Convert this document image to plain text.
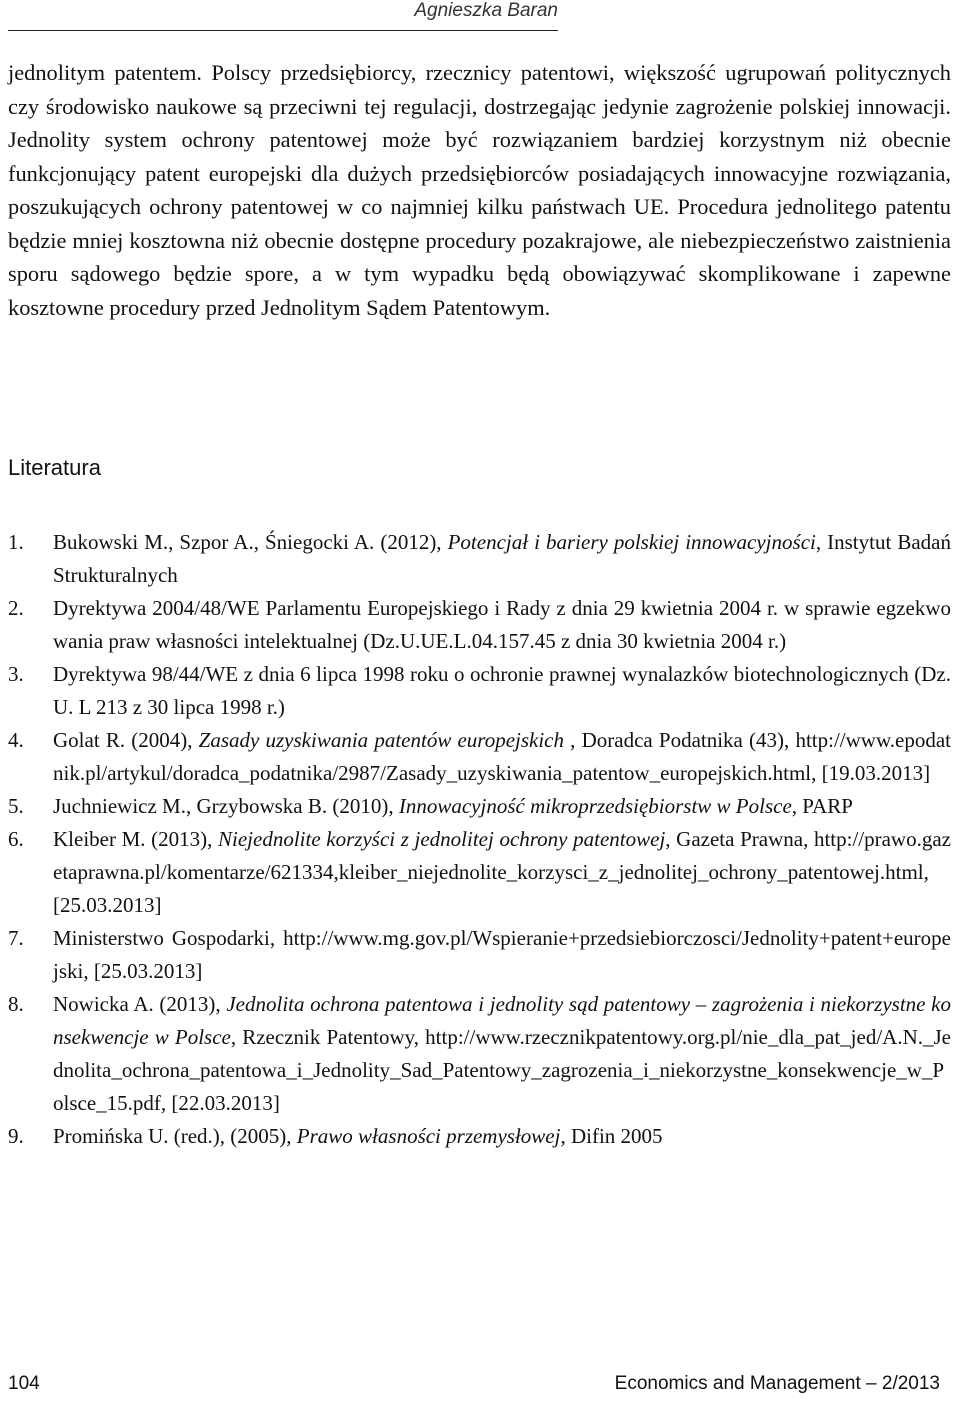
Agnieszka Baran

jednolitym patentem. Polscy przedsiębiorcy, rzecznicy patentowi, większość ugrupowań politycznych czy środowisko naukowe są przeciwni tej regulacji, dostrzegając jedynie zagrożenie polskiej innowacji. Jednolity system ochrony patentowej może być rozwiązaniem bardziej korzystnym niż obecnie funkcjonujący patent europejski dla dużych przedsiębiorców posiadających innowacyjne rozwiązania, poszukujących ochrony patentowej w co najmniej kilku państwach UE. Procedura jednolitego patentu będzie mniej kosztowna niż obecnie dostępne procedury pozakrajowe, ale niebezpieczeństwo zaistnienia sporu sądowego będzie spore, a w tym wypadku będą obowiązywać skomplikowane i zapewne kosztowne procedury przed Jednolitym Sądem Patentowym.

Literatura
1.	Bukowski M., Szpor A., Śniegocki A. (2012), Potencjał i bariery polskiej innowacyjności, Instytut Badań Strukturalnych
2.	Dyrektywa 2004/48/WE Parlamentu Europejskiego i Rady z dnia 29 kwietnia 2004 r. w sprawie egzekwowania praw własności intelektualnej (Dz.U.UE.L.04.157.45 z dnia 30 kwietnia 2004 r.)
3.	Dyrektywa 98/44/WE z dnia 6 lipca 1998 roku o ochronie prawnej wynalazków biotechnologicznych (Dz. U. L 213 z 30 lipca 1998 r.)
4.	Golat R. (2004), Zasady uzyskiwania patentów europejskich , Doradca Podatnika (43), http://www.epodatnik.pl/artykul/doradca_podatnika/2987/Zasady_uzyskiwania_patentow_europejskich.html, [19.03.2013]
5.	Juchniewicz M., Grzybowska B. (2010), Innowacyjność mikroprzedsiębiorstw w Polsce, PARP
6.	Kleiber M. (2013), Niejednolite korzyści z jednolitej ochrony patentowej, Gazeta Prawna, http://prawo.gazetaprawna.pl/komentarze/621334,kleiber_niejednolite_korzysci_z_jednolitej_ochrony_patentowej.html, [25.03.2013]
7.	Ministerstwo Gospodarki, http://www.mg.gov.pl/Wspieranie+przedsiebiorczosci/Jednolity+patent+europejski, [25.03.2013]
8.	Nowicka A. (2013), Jednolita ochrona patentowa i jednolity sąd patentowy – zagrożenia i niekorzystne konsekwencje w Polsce, Rzecznik Patentowy, http://www.rzecznikpatentowy.org.pl/nie_dla_pat_jed/A.N._Jednolita_ochrona_patentowa_i_Jednolity_Sad_Patentowy_zagrozenia_i_niekorzystne_konsekwencje_w_Polsce_15.pdf, [22.03.2013]
9.	Promińska U. (red.), (2005), Prawo własności przemysłowej, Difin 2005
104	Economics and Management – 2/2013
